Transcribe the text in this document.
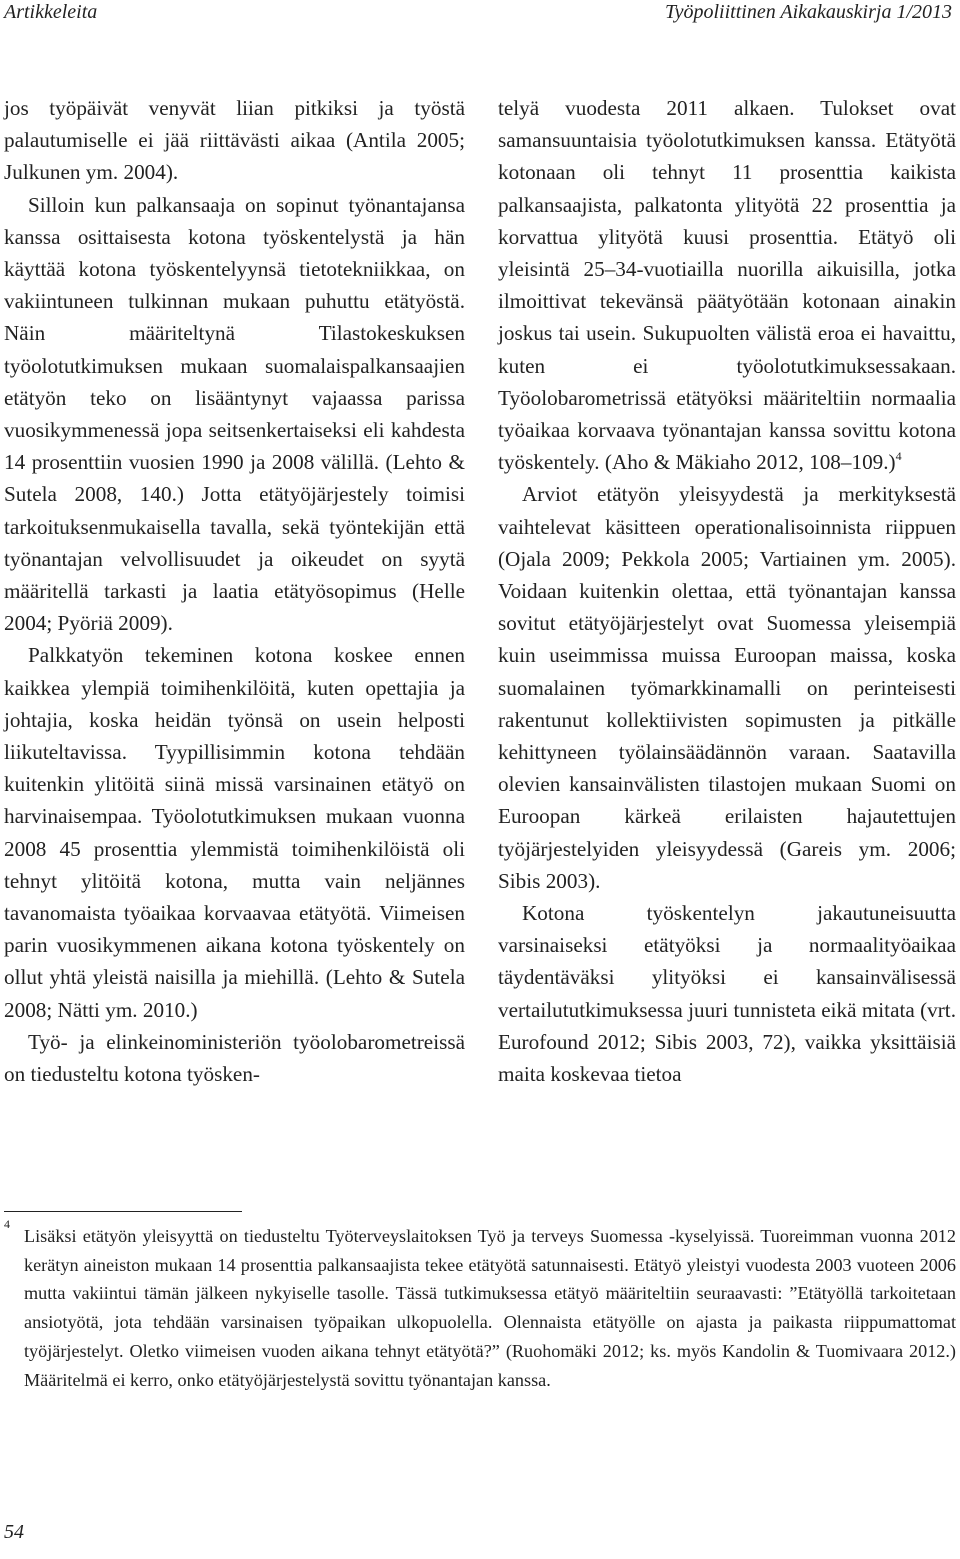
Artikkeleita	Työpoliittinen Aikakauskirja 1/2013

jos työpäivät venyvät liian pitkiksi ja työstä palautumiselle ei jää riittävästi aikaa (Antila 2005; Julkunen ym. 2004).

Silloin kun palkansaaja on sopinut työnantajansa kanssa osittaisesta kotona työskentelystä ja hän käyttää kotona työskentelyynsä tietotekniikkaa, on vakiintuneen tulkinnan mukaan puhuttu etätyöstä. Näin määriteltynä Tilastokeskuksen työolotutkimuksen mukaan suomalaispalkansaajien etätyön teko on lisääntynyt vajaassa parissa vuosikymmenessä jopa seitsenkertaiseksi eli kahdesta 14 prosenttiin vuosien 1990 ja 2008 välillä. (Lehto & Sutela 2008, 140.) Jotta etätyöjärjestely toimisi tarkoituksenmukaisella tavalla, sekä työntekijän että työnantajan velvollisuudet ja oikeudet on syytä määritellä tarkasti ja laatia etätyösopimus (Helle 2004; Pyöriä 2009).

Palkkatyön tekeminen kotona koskee ennen kaikkea ylempiä toimihenkilöitä, kuten opettajia ja johtajia, koska heidän työnsä on usein helposti liikuteltavissa. Tyypillisimmin kotona tehdään kuitenkin ylitöitä siinä missä varsinainen etätyö on harvinaisempaa. Työolotutkimuksen mukaan vuonna 2008 45 prosenttia ylemmistä toimihenkilöistä oli tehnyt ylitöitä kotona, mutta vain neljännes tavanomaista työaikaa korvaavaa etätyötä. Viimeisen parin vuosikymmenen aikana kotona työskentely on ollut yhtä yleistä naisilla ja miehillä. (Lehto & Sutela 2008; Nätti ym. 2010.)

Työ- ja elinkeinoministeriön työolobarometreissä on tiedusteltu kotona työsken-

telyä vuodesta 2011 alkaen. Tulokset ovat samansuuntaisia työolotutkimuksen kanssa. Etätyötä kotonaan oli tehnyt 11 prosenttia kaikista palkansaajista, palkatonta ylityötä 22 prosenttia ja korvattua ylityötä kuusi prosenttia. Etätyö oli yleisintä 25–34-vuotiailla nuorilla aikuisilla, jotka ilmoittivat tekevänsä päätyötään kotonaan ainakin joskus tai usein. Sukupuolten välistä eroa ei havaittu, kuten ei työolotutkimuksessakaan. Työolobarometrissä etätyöksi määriteltiin normaalia työaikaa korvaava työnantajan kanssa sovittu kotona työskentely. (Aho & Mäkiaho 2012, 108–109.)$^4$

Arviot etätyön yleisyydestä ja merkityksestä vaihtelevat käsitteen operationalisoinnista riippuen (Ojala 2009; Pekkola 2005; Vartiainen ym. 2005). Voidaan kuitenkin olettaa, että työnantajan kanssa sovitut etätyöjärjestelyt ovat Suomessa yleisempiä kuin useimmissa muissa Euroopan maissa, koska suomalainen työmarkkinamalli on perinteisesti rakentunut kollektiivisten sopimusten ja pitkälle kehittyneen työlainsäädännön varaan. Saatavilla olevien kansainvälisten tilastojen mukaan Suomi on Euroopan kärkeä erilaisten hajautettujen työjärjestelyiden yleisyydessä (Gareis ym. 2006; Sibis 2003).

Kotona työskentelyn jakautuneisuutta varsinaiseksi etätyöksi ja normaalityöaikaa täydentäväksi ylityöksi ei kansainvälisessä vertailututkimuksessa juuri tunnisteta eikä mitata (vrt. Eurofound 2012; Sibis 2003, 72), vaikka yksittäisiä maita koskevaa tietoa

4
Lisäksi etätyön yleisyyttä on tiedusteltu Työterveyslaitoksen Työ ja terveys Suomessa -kyselyissä. Tuoreimman vuonna 2012 kerätyn aineiston mukaan 14 prosenttia palkansaajista tekee etätyötä satunnaisesti. Etätyö yleistyi vuodesta 2003 vuoteen 2006 mutta vakiintui tämän jälkeen nykyiselle tasolle. Tässä tutkimuksessa etätyö määriteltiin seuraavasti: ”Etätyöllä tarkoitetaan ansiotyötä, jota tehdään varsinaisen työpaikan ulkopuolella. Olennaista etätyölle on ajasta ja paikasta riippumattomat työjärjestelyt. Oletko viimeisen vuoden aikana tehnyt etätyötä?” (Ruohomäki 2012; ks. myös Kandolin & Tuomivaara 2012.) Määritelmä ei kerro, onko etätyöjärjestelystä sovittu työnantajan kanssa.
54
